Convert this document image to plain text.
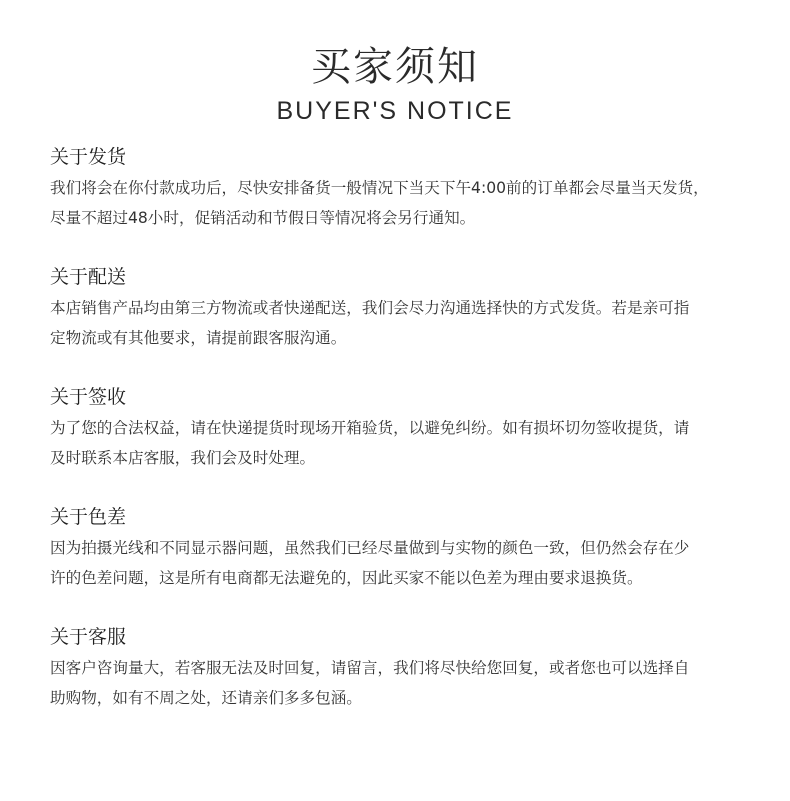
买家须知
BUYER'S NOTICE
关于发货
我们将会在你付款成功后，尽快安排备货一般情况下当天下午4:00前的订单都会尽量当天发货，
尽量不超过48小时，促销活动和节假日等情况将会另行通知。
关于配送
本店销售产品均由第三方物流或者快递配送，我们会尽力沟通选择快的方式发货。若是亲可指
定物流或有其他要求，请提前跟客服沟通。
关于签收
为了您的合法权益，请在快递提货时现场开箱验货，以避免纠纷。如有损坏切勿签收提货，请
及时联系本店客服，我们会及时处理。
关于色差
因为拍摄光线和不同显示器问题，虽然我们已经尽量做到与实物的颜色一致，但仍然会存在少
许的色差问题，这是所有电商都无法避免的，因此买家不能以色差为理由要求退换货。
关于客服
因客户咨询量大，若客服无法及时回复，请留言，我们将尽快给您回复，或者您也可以选择自
助购物，如有不周之处，还请亲们多多包涵。
